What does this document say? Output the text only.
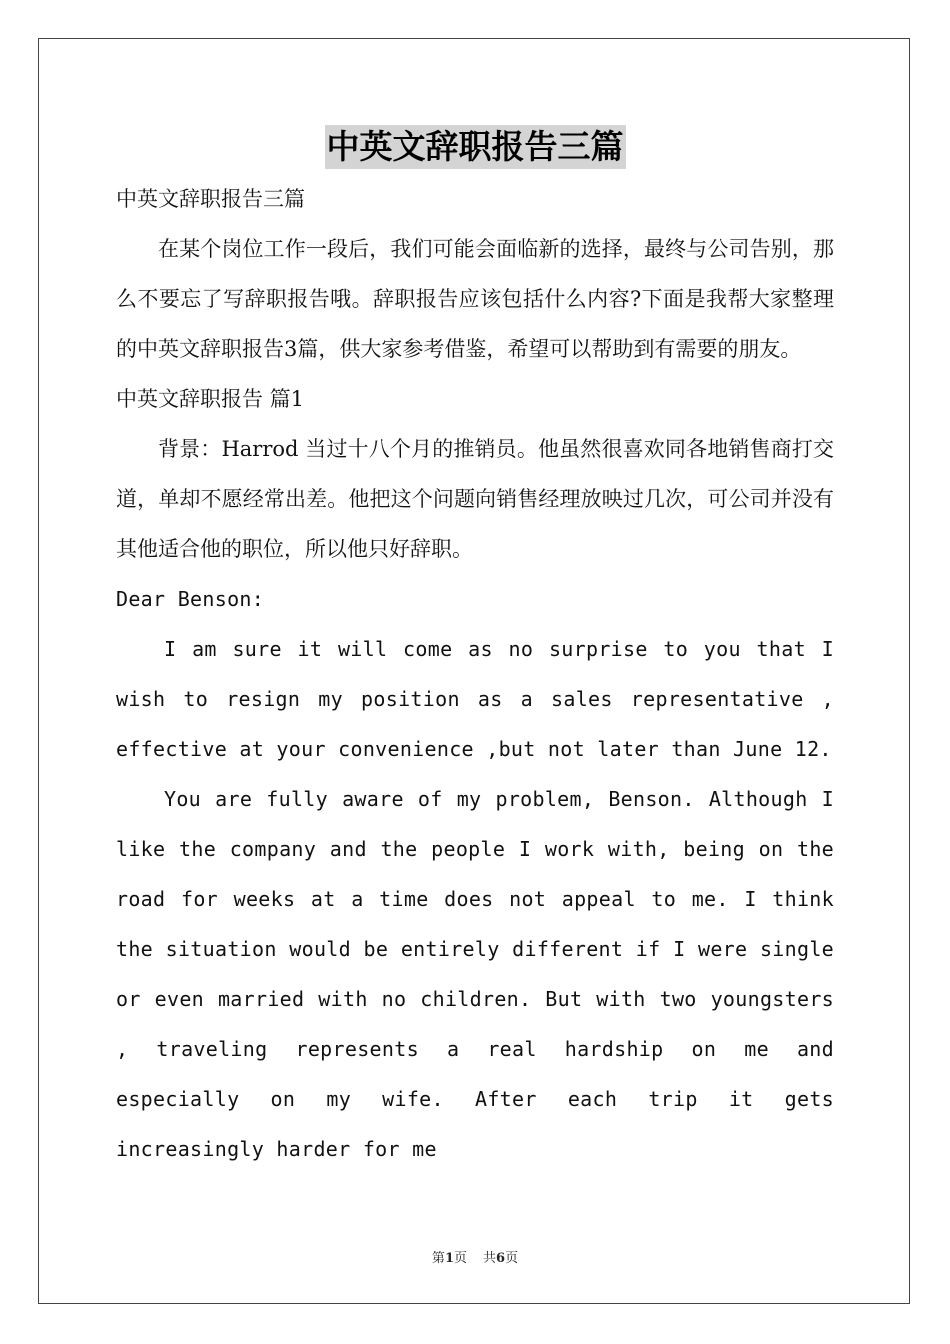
中英文辞职报告三篇

中英文辞职报告三篇

在某个岗位工作一段后，我们可能会面临新的选择，最终与公司告别，那么不要忘了写辞职报告哦。辞职报告应该包括什么内容?下面是我帮大家整理的中英文辞职报告3篇，供大家参考借鉴，希望可以帮助到有需要的朋友。

中英文辞职报告 篇1

背景：Harrod 当过十八个月的推销员。他虽然很喜欢同各地销售商打交道，单却不愿经常出差。他把这个问题向销售经理放映过几次，可公司并没有其他适合他的职位，所以他只好辞职。

Dear Benson:

I am sure it will come as no surprise to you that I wish to resign my position as a sales representative , effective at your convenience ,but not later than June 12.

You are fully aware of my problem, Benson. Although I like the company and the people I work with, being on the road for weeks at a time does not appeal to me. I think the situation would be entirely different if I were single or even married with no children. But with two youngsters , traveling represents a real hardship on me and especially on my wife. After each trip it gets increasingly harder for me

第1页 共6页
